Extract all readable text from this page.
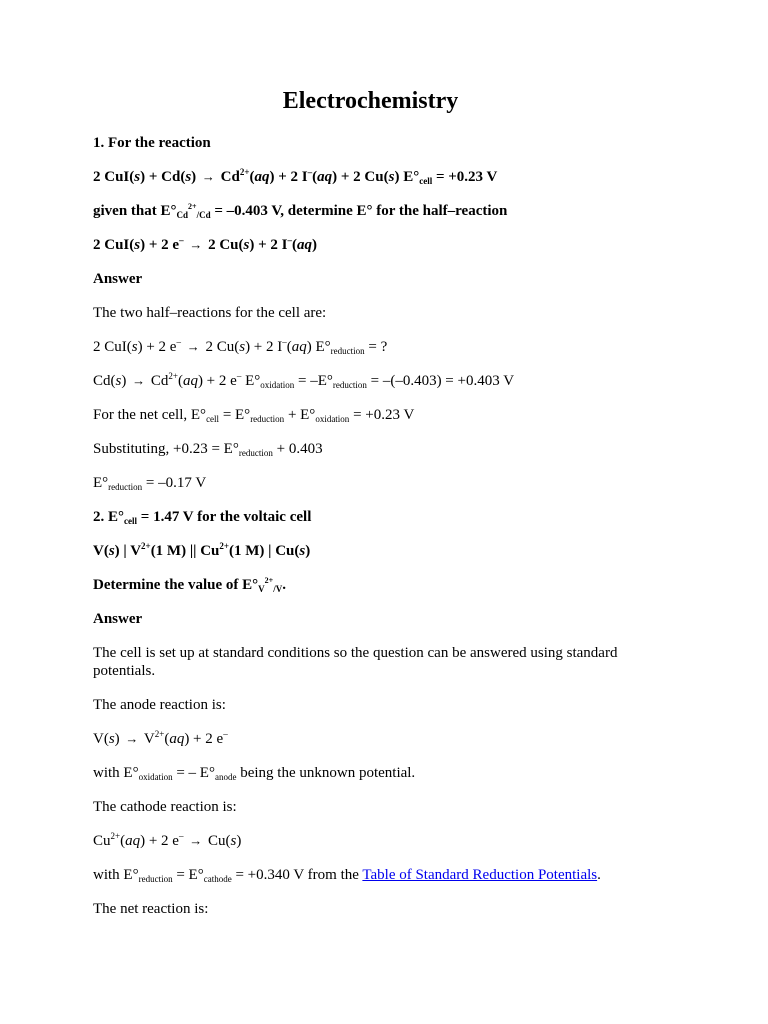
Electrochemistry

1. For the reaction

2 $CuI(s) + Cd(s) \to Cd^{2+}(aq) + 2$ I–(aq) + 2 Cu(s) $E^\circ_{cell} = +0.23$ V

given that $E^\circ_{Cd^{2+}/Cd} = -0.403$ V, determine E° for the half–reaction

2 CuI(s) + 2 e– → 2 Cu(s) + 2 I–(aq)

Answer

The two half–reactions for the cell are:

2 CuI(s) + 2 e– → 2 Cu(s) + 2 I–(aq) $E^\circ_{reduction}$ = ?

$Cd(s) \to Cd^{2+}(aq) + 2$ e– $E^\circ_{oxidation} = -E^\circ_{reduction} = -(-0.403) = +0.403$ V

For the net cell, $E^\circ_{cell} = E^\circ_{reduction} + E^\circ_{oxidation} = +0.23$ V

Substituting, $+0.23 = E^\circ_{reduction} + 0.403$

$E^\circ_{reduction} = -0.17$ V

2. $E^\circ_{cell} = 1.47$ V for the voltaic cell

V(s) | $V^{2+}(1$ M) || $Cu^{2+}(1$ M) | Cu(s)

Determine the value of $E^\circ_{V^{2+}/V}$.

Answer

The cell is set up at standard conditions so the question can be answered using standard potentials.

The anode reaction is:

$V(s) \to V^{2+}(aq) + 2$ e–

with $E^\circ_{oxidation}$ = – $E^\circ_{anode}$ being the unknown potential.

The cathode reaction is:

$Cu^{2+}(aq) + 2$ e– → Cu(s)

with $E^\circ_{reduction} = E^\circ_{cathode} = +0.340$ V from the Table of Standard Reduction Potentials.

The net reaction is:
